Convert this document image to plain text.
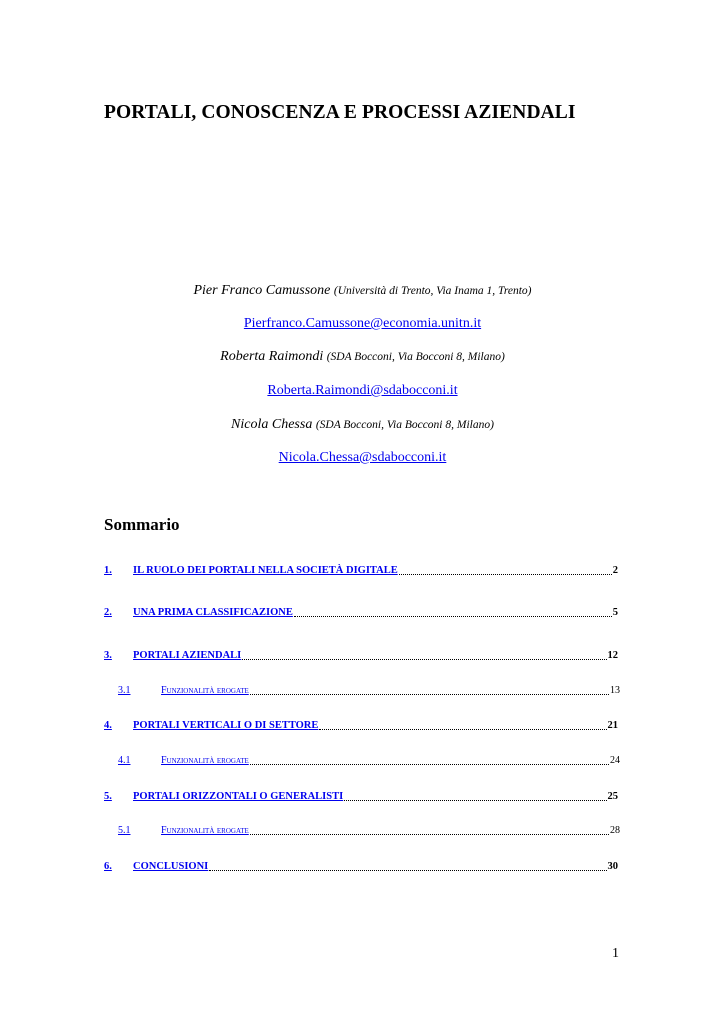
PORTALI, CONOSCENZA E PROCESSI AZIENDALI
Pier Franco Camussone (Università di Trento, Via Inama 1, Trento)
Pierfranco.Camussone@economia.unitn.it
Roberta Raimondi (SDA Bocconi, Via Bocconi 8, Milano)
Roberta.Raimondi@sdabocconi.it
Nicola Chessa (SDA Bocconi, Via Bocconi 8, Milano)
Nicola.Chessa@sdabocconi.it
Sommario
1.	IL RUOLO DEI PORTALI NELLA SOCIETÀ DIGITALE	2
2.	UNA PRIMA CLASSIFICAZIONE	5
3.	PORTALI AZIENDALI	12
3.1	Funzionalità erogate	13
4.	PORTALI VERTICALI O DI SETTORE	21
4.1	Funzionalità erogate	24
5.	PORTALI ORIZZONTALI O GENERALISTI	25
5.1	Funzionalità erogate	28
6.	CONCLUSIONI	30
1
